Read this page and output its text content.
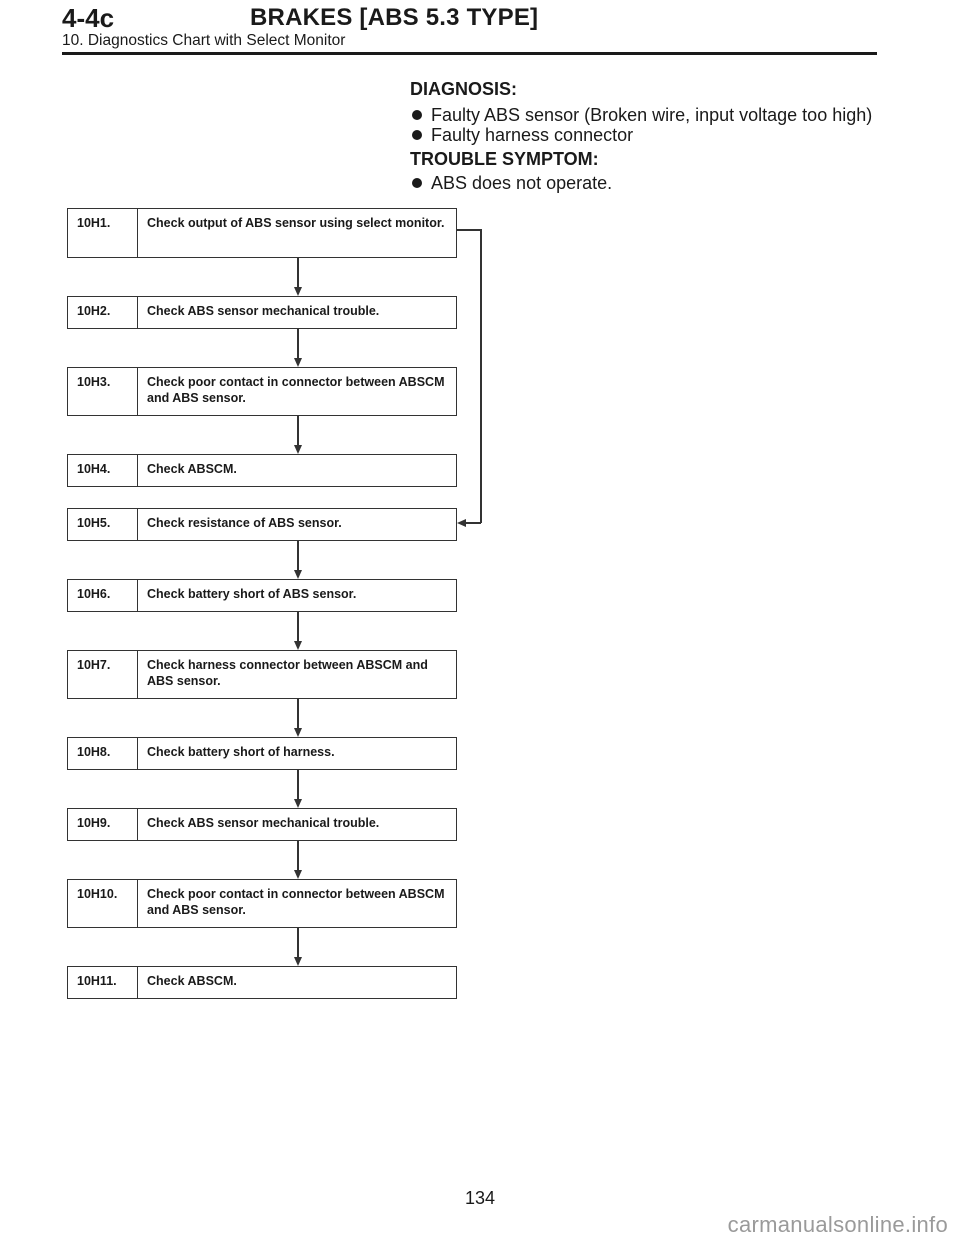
4-4c	BRAKES [ABS 5.3 TYPE]
10. Diagnostics Chart with Select Monitor
DIAGNOSIS:
Faulty ABS sensor (Broken wire, input voltage too high)
Faulty harness connector
TROUBLE SYMPTOM:
ABS does not operate.
10H1.	Check output of ABS sensor using select monitor.
10H2.	Check ABS sensor mechanical trouble.
10H3.	Check poor contact in connector between ABSCM and ABS sensor.
10H4.	Check ABSCM.
10H5.	Check resistance of ABS sensor.
10H6.	Check battery short of ABS sensor.
10H7.	Check harness connector between ABSCM and ABS sensor.
10H8.	Check battery short of harness.
10H9.	Check ABS sensor mechanical trouble.
10H10.	Check poor contact in connector between ABSCM and ABS sensor.
10H11.	Check ABSCM.
134
carmanualsonline.info
